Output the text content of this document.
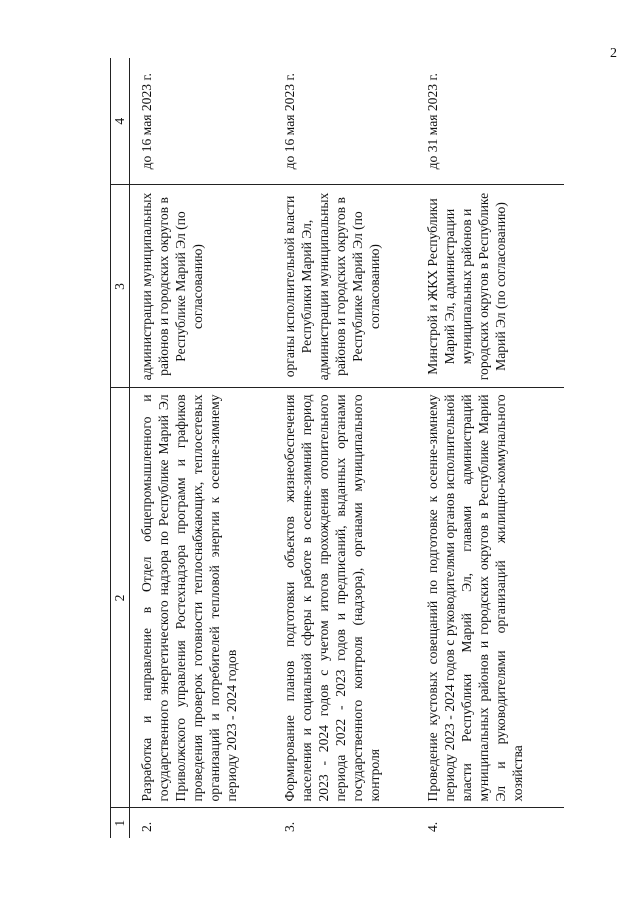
2
1	2	3	4
2.	Разработка и направление в Отдел общепромышленного и государственного энергетического надзора по Республике Марий Эл Приволжского управления Ростехнадзора программ и графиков проведения проверок готовности теплоснабжающих, теплосетевых организаций и потребителей тепловой энергии к осенне-зимнему периоду 2023 - 2024 годов	администрации муниципальных районов и городских округов в Республике Марий Эл (по согласованию)	до 16 мая 2023 г.
3.	Формирование планов подготовки объектов жизнеобеспечения населения и социальной сферы к работе в осенне-зимний период 2023 - 2024 годов с учетом итогов прохождения отопительного периода 2022 - 2023 годов и предписаний, выданных органами государственного контроля (надзора), органами муниципального контроля	органы исполнительной власти Республики Марий Эл, администрации муниципальных районов и городских округов в Республике Марий Эл (по согласованию)	до 16 мая 2023 г.
4.	Проведение кустовых совещаний по подготовке к осенне-зимнему периоду 2023 - 2024 годов с руководителями органов исполнительной власти Республики Марий Эл, главами администраций муниципальных районов и городских округов в Республике Марий Эл и руководителями организаций жилищно-коммунального хозяйства	Минстрой и ЖКХ Республики Марий Эл, администрации муниципальных районов и городских округов в Республике Марий Эл (по согласованию)	до 31 мая 2023 г.
